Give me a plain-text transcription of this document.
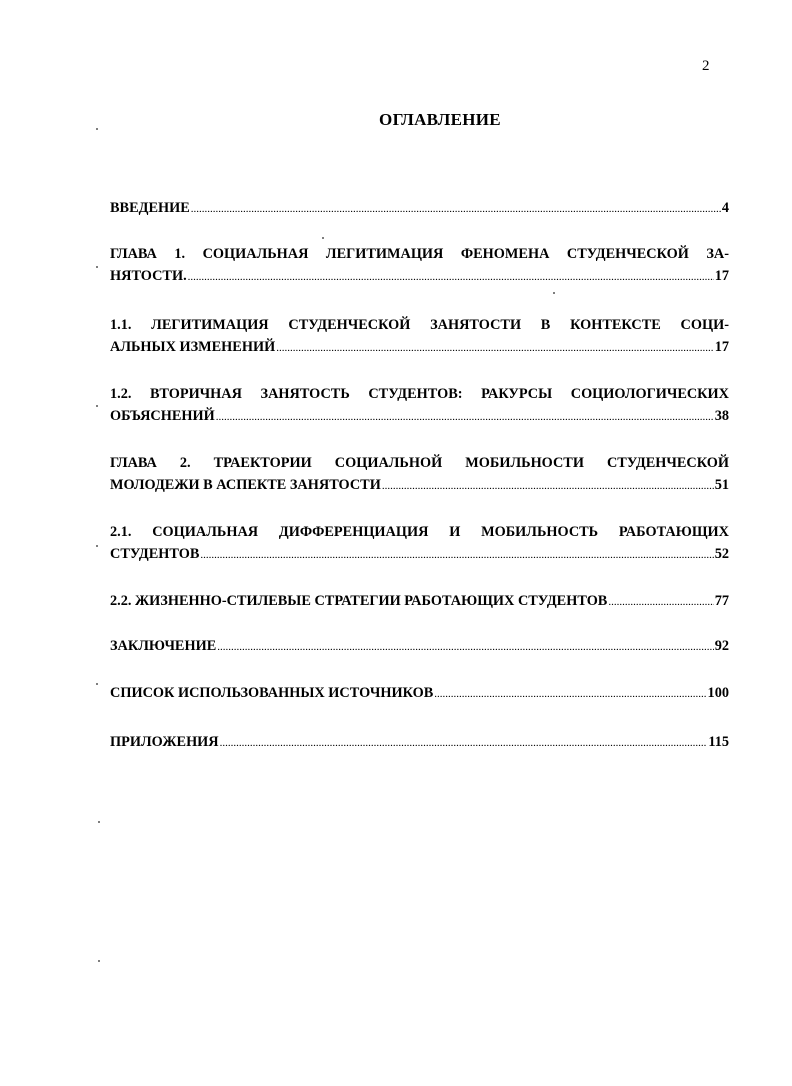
2
ОГЛАВЛЕНИЕ
ВВЕДЕНИЕ .....	4
ГЛАВА 1. СОЦИАЛЬНАЯ ЛЕГИТИМАЦИЯ ФЕНОМЕНА СТУДЕНЧЕСКОЙ ЗА-
НЯТОСТИ. .....	17
1.1. ЛЕГИТИМАЦИЯ СТУДЕНЧЕСКОЙ ЗАНЯТОСТИ В КОНТЕКСТЕ СОЦИ-
АЛЬНЫХ ИЗМЕНЕНИЙ .....	17
1.2. ВТОРИЧНАЯ ЗАНЯТОСТЬ СТУДЕНТОВ: РАКУРСЫ СОЦИОЛОГИЧЕСКИХ
ОБЪЯСНЕНИЙ .....	38
ГЛАВА 2. ТРАЕКТОРИИ СОЦИАЛЬНОЙ МОБИЛЬНОСТИ СТУДЕНЧЕСКОЙ
МОЛОДЕЖИ В АСПЕКТЕ ЗАНЯТОСТИ .....	51
2.1. СОЦИАЛЬНАЯ ДИФФЕРЕНЦИАЦИЯ И МОБИЛЬНОСТЬ РАБОТАЮЩИХ
СТУДЕНТОВ .....	52
2.2. ЖИЗНЕННО-СТИЛЕВЫЕ СТРАТЕГИИ РАБОТАЮЩИХ СТУДЕНТОВ .....	77
ЗАКЛЮЧЕНИЕ .....	92
СПИСОК ИСПОЛЬЗОВАННЫХ ИСТОЧНИКОВ .....	100
ПРИЛОЖЕНИЯ .....	115
